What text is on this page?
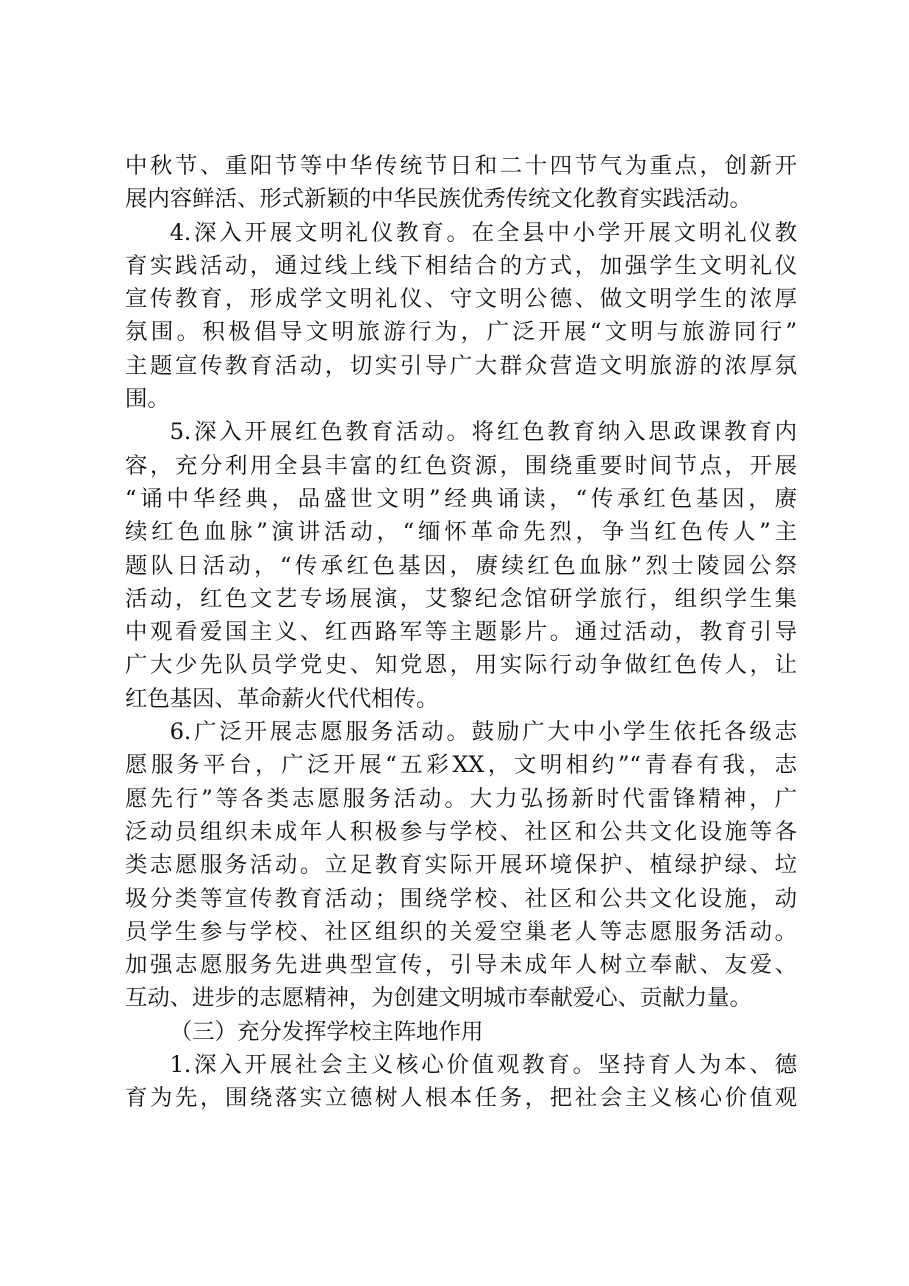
中秋节、重阳节等中华传统节日和二十四节气为重点，创新开
展内容鲜活、形式新颖的中华民族优秀传统文化教育实践活动。
4.深入开展文明礼仪教育。在全县中小学开展文明礼仪教
育实践活动，通过线上线下相结合的方式，加强学生文明礼仪
宣传教育，形成学文明礼仪、守文明公德、做文明学生的浓厚
氛围。积极倡导文明旅游行为，广泛开展“文明与旅游同行”
主题宣传教育活动，切实引导广大群众营造文明旅游的浓厚氛
围。
5.深入开展红色教育活动。将红色教育纳入思政课教育内
容，充分利用全县丰富的红色资源，围绕重要时间节点，开展
“诵中华经典，品盛世文明”经典诵读，“传承红色基因，赓
续红色血脉”演讲活动，“缅怀革命先烈，争当红色传人”主
题队日活动，“传承红色基因，赓续红色血脉”烈士陵园公祭
活动，红色文艺专场展演，艾黎纪念馆研学旅行，组织学生集
中观看爱国主义、红西路军等主题影片。通过活动，教育引导
广大少先队员学党史、知党恩，用实际行动争做红色传人，让
红色基因、革命薪火代代相传。
6.广泛开展志愿服务活动。鼓励广大中小学生依托各级志
愿服务平台，广泛开展“五彩XX，文明相约”“青春有我，志
愿先行”等各类志愿服务活动。大力弘扬新时代雷锋精神，广
泛动员组织未成年人积极参与学校、社区和公共文化设施等各
类志愿服务活动。立足教育实际开展环境保护、植绿护绿、垃
圾分类等宣传教育活动；围绕学校、社区和公共文化设施，动
员学生参与学校、社区组织的关爱空巢老人等志愿服务活动。
加强志愿服务先进典型宣传，引导未成年人树立奉献、友爱、
互动、进步的志愿精神，为创建文明城市奉献爱心、贡献力量。
（三）充分发挥学校主阵地作用
1.深入开展社会主义核心价值观教育。坚持育人为本、德
育为先，围绕落实立德树人根本任务，把社会主义核心价值观
